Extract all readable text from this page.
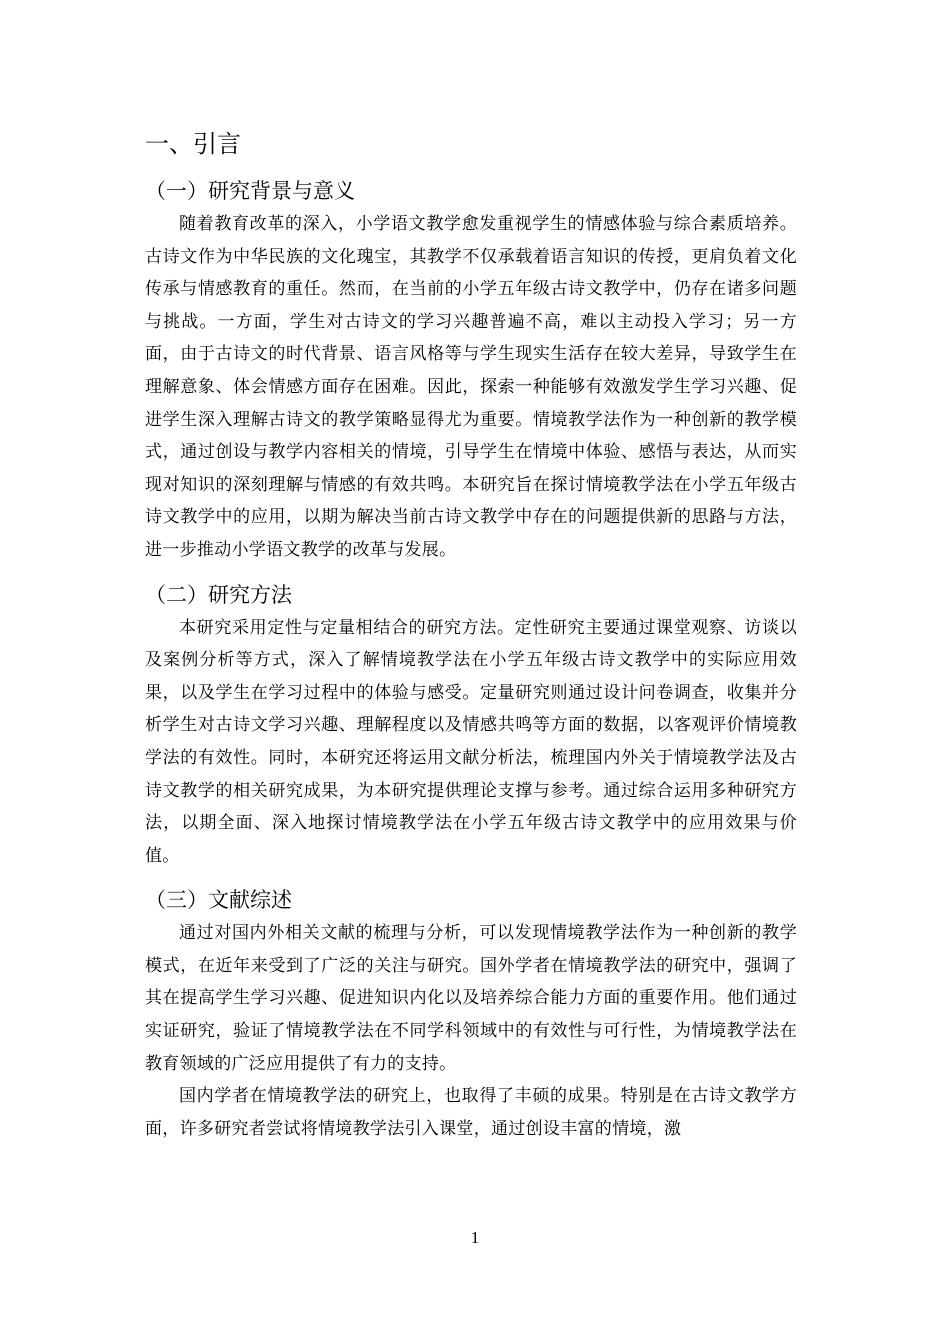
一、引言
（一）研究背景与意义

随着教育改革的深入，小学语文教学愈发重视学生的情感体验与综合素质培养。古诗文作为中华民族的文化瑰宝，其教学不仅承载着语言知识的传授，更肩负着文化传承与情感教育的重任。然而，在当前的小学五年级古诗文教学中，仍存在诸多问题与挑战。一方面，学生对古诗文的学习兴趣普遍不高，难以主动投入学习；另一方面，由于古诗文的时代背景、语言风格等与学生现实生活存在较大差异，导致学生在理解意象、体会情感方面存在困难。因此，探索一种能够有效激发学生学习兴趣、促进学生深入理解古诗文的教学策略显得尤为重要。情境教学法作为一种创新的教学模式，通过创设与教学内容相关的情境，引导学生在情境中体验、感悟与表达，从而实现对知识的深刻理解与情感的有效共鸣。本研究旨在探讨情境教学法在小学五年级古诗文教学中的应用，以期为解决当前古诗文教学中存在的问题提供新的思路与方法，进一步推动小学语文教学的改革与发展。

（二）研究方法

本研究采用定性与定量相结合的研究方法。定性研究主要通过课堂观察、访谈以及案例分析等方式，深入了解情境教学法在小学五年级古诗文教学中的实际应用效果，以及学生在学习过程中的体验与感受。定量研究则通过设计问卷调查，收集并分析学生对古诗文学习兴趣、理解程度以及情感共鸣等方面的数据，以客观评价情境教学法的有效性。同时，本研究还将运用文献分析法，梳理国内外关于情境教学法及古诗文教学的相关研究成果，为本研究提供理论支撑与参考。通过综合运用多种研究方法，以期全面、深入地探讨情境教学法在小学五年级古诗文教学中的应用效果与价值。

（三）文献综述

通过对国内外相关文献的梳理与分析，可以发现情境教学法作为一种创新的教学模式，在近年来受到了广泛的关注与研究。国外学者在情境教学法的研究中，强调了其在提高学生学习兴趣、促进知识内化以及培养综合能力方面的重要作用。他们通过实证研究，验证了情境教学法在不同学科领域中的有效性与可行性，为情境教学法在教育领域的广泛应用提供了有力的支持。

国内学者在情境教学法的研究上，也取得了丰硕的成果。特别是在古诗文教学方面，许多研究者尝试将情境教学法引入课堂，通过创设丰富的情境，激

1
